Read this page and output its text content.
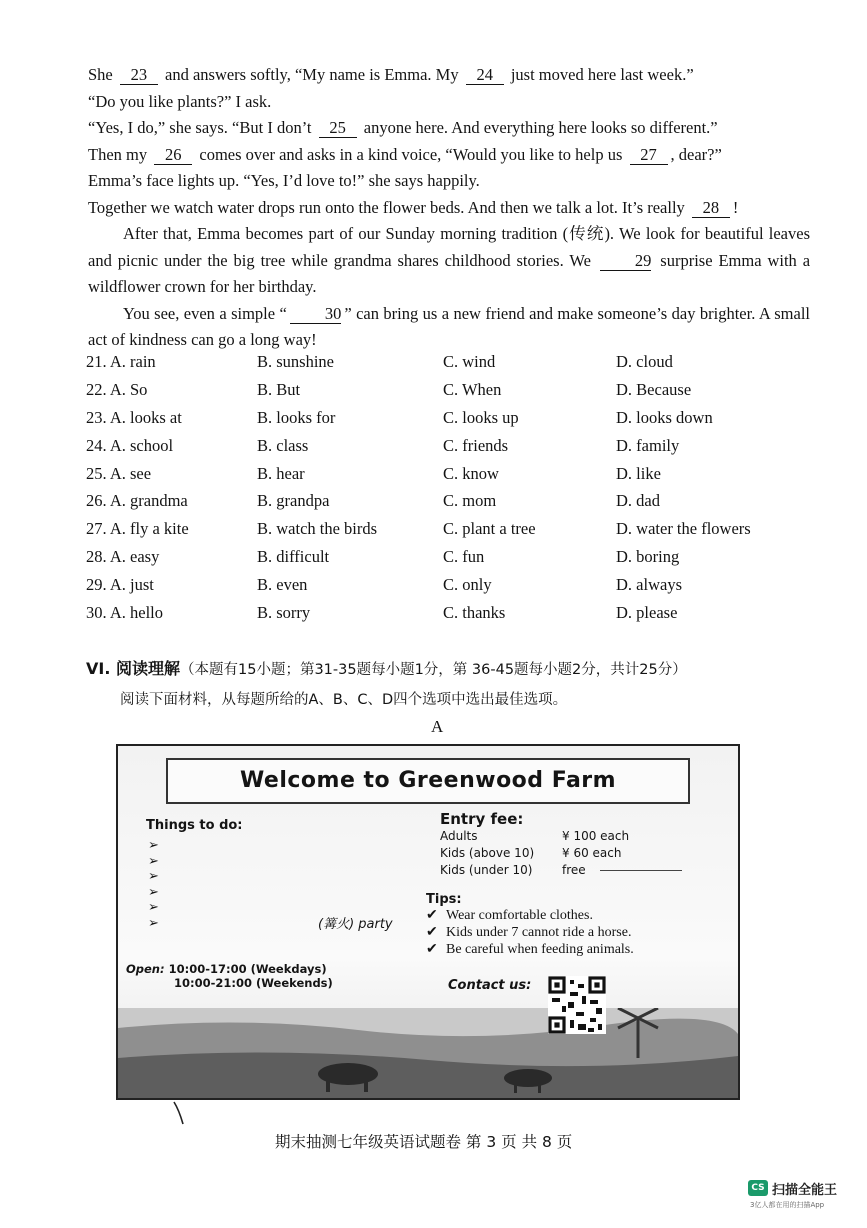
She 23 and answers softly, “My name is Emma. My 24 just moved here last week.”

“Do you like plants?” I ask.

“Yes, I do,” she says. “But I don’t 25 anyone here. And everything here looks so different.”

Then my 26 comes over and asks in a kind voice, “Would you like to help us 27 , dear?”

Emma’s face lights up. “Yes, I’d love to!” she says happily.

Together we watch water drops run onto the flower beds. And then we talk a lot. It’s really 28 !

After that, Emma becomes part of our Sunday morning tradition (传统). We look for beautiful leaves and picnic under the big tree while grandma shares childhood stories. We	29 surprise Emma with a wildflower crown for her birthday.

You see, even a simple “ 30 ” can bring us a new friend and make someone’s day brighter. A small act of kindness can go a long way!

21. A. rain	B. sunshine	C. wind	D. cloud
22. A. So	B. But	C. When	D. Because
23. A. looks at	B. looks for	C. looks up	D. looks down
24. A. school	B. class	C. friends	D. family
25. A. see	B. hear	C. know	D. like
26. A. grandma	B. grandpa	C. mom	D. dad
27. A. fly a kite	B. watch the birds	C. plant a tree	D. water the flowers
28. A. easy	B. difficult	C. fun	D. boring
29. A. just	B. even	C. only	D. always
30. A. hello	B. sorry	C. thanks	D. please
VI. 阅读理解（本题有15小题；第31-35题每小题1分，第 36-45题每小题2分，共计25分）
阅读下面材料，从每题所给的A、B、C、D四个选项中选出最佳选项。
A
Welcome to Greenwood Farm
Things to do:
➢
➢
➢
➢
➢
➢	(篝火) party
Open: 10:00-17:00 (Weekdays)
10:00-21:00 (Weekends)
Entry fee:
Adults	¥ 100 each
Kids (above 10) ¥ 60 each
Kids (under 10) free
Tips:
✔ Wear comfortable clothes.
✔ Kids under 7 cannot ride a horse.
✔ Be careful when feeding animals.
Contact us:
期末抽测七年级英语试题卷 第 3 页 共 8 页
CS 扫描全能王
3亿人都在用的扫描App
